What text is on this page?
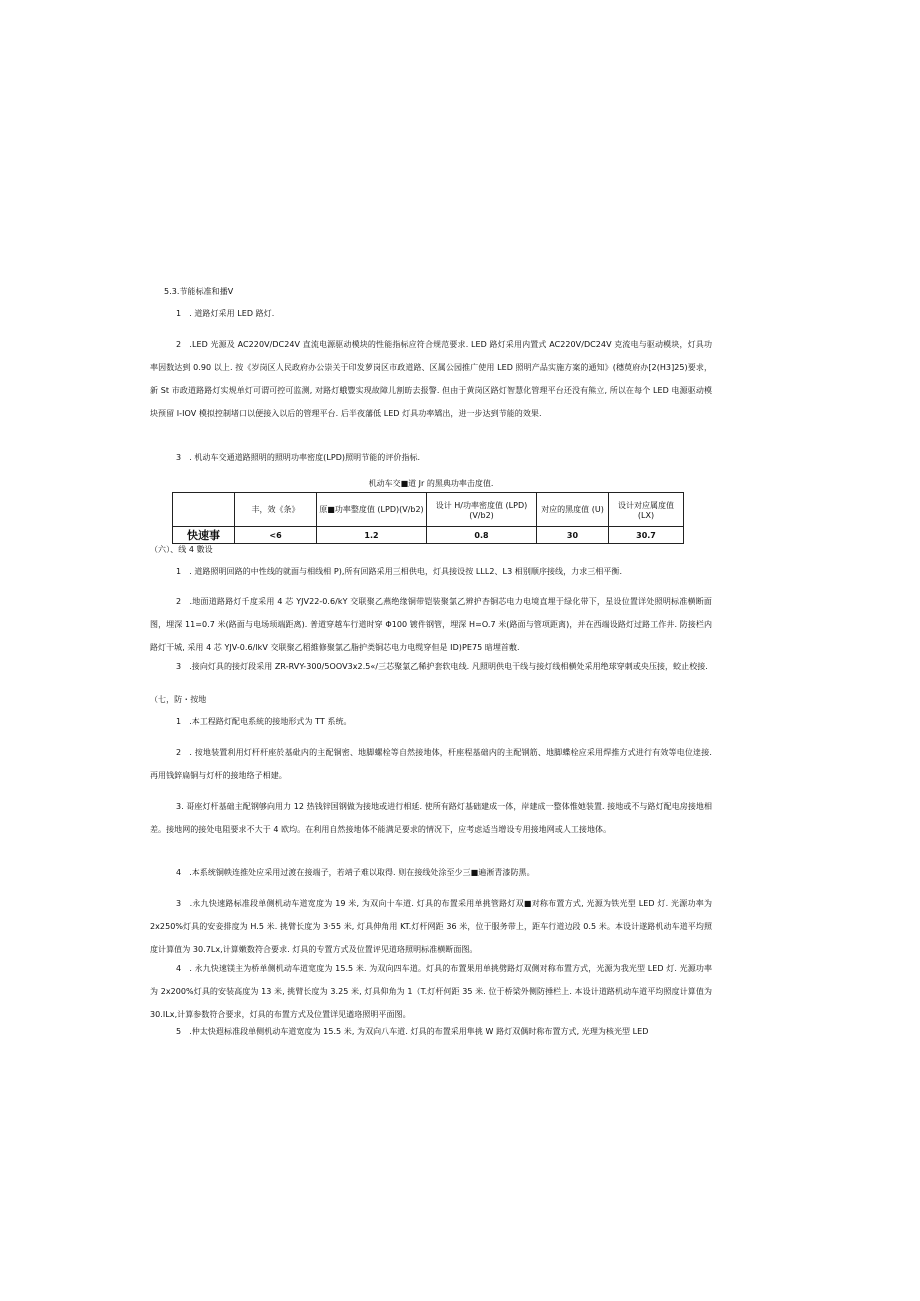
5.3.节能标准和播Ⅴ

1　. 道路灯采用 LED 路灯.

2　.LED 光源及 AC220V/DC24V 直流电源驱动模块的性能指标应符合规范要求. LED 路灯采用内置式 AC220V/DC24V 克流电与驱动模块，灯具功率因数达到 0.90 以上. 按《岁岗区人民政府办公崇关于印发萝岗区市政道路、区属公园推广使用 LED 照明产品实施方案的通知》(穗萸府办[2(H3]25)要求，新 St 市政道路路灯实规单灯可谓可控可监测, 对路灯蛾豐实现故障儿割昉去报警. 但由于黄岗区路灯智慧化管理平台还没有熊立, 所以在每个 LED 电源驱动模块预留 I-IOV 模拟控制堵口以便接入以后的管理平台. 后半夜藩低 LED 灯具功率矯出，进一步达到节能的效果.

3　. 机动车交通道路照明的照明功率密度(LPD)照明节能的评价指标.

机动车交■道 Jr 的黑典功率击度值.
	丰，效《条》	原■功率整度值 (LPD)(V/b2)	设计 H/功率密度值 (LPD)(V/b2)	对应的黑度值 (U)	设计对应属度值 (LX)
快速事	<6	1.2	0.8	30	30.7

（六）、线 4 數设

1　. 道路照明回路的中性线的就面与相线相 P),所有回路采用三相供电，灯具接设按 LLL2、L3 相别顺序接线，力求三相平衡.

2　.地面道路路灯千度采用 4 芯 YJV22-0.6/kY 交联聚乙燕绝缘铜带铠装聚氯乙辨护杏铜芯电力电境直埋于绿化带下，星设位置详处照明标准横断面图，埋深 11=0.7 米(路面与电场顼端距离). 普道穿越车行道时穿 Φ100 镀件钢管，埋深 H=O.7 米(路面与管项距离)，并在西端设路灯过路工作井. 防接栏内路灯干城, 采用 4 芯 YJV-0.6/lkV 交联聚乙稻維修聚氯乙脂护类铜芯电力电缆穿但是 ID)PE75 暗埋首敷.

3　.接向灯具的接灯段采用 ZR-RVY-300/5OOV3x2.5«/三芯聚氯乙稀护套软电线. 凡照明供电干线与接灯线相横处采用绝球穿刺或央压接，蛟止校接.

（七，防・按地

1　.本工程路灯配电系統的接地形式为 TT 系统。

2　. 按地装置利用灯杆杆座於基砒内的主配铜密、地脚螺栓等自然接地体，杆座程基础内的主配钢筋、地脚蝶栓应采用焊推方式进行有效等电位逹接. 再用钱鋅扁铜与灯杆的接地络子相建。

3. 哥座灯杆基础主配钢够向用力 12 热钱锌国钢做为接地或进行相延. 使所有路灯基础建成一体，岸建成一整体惟她装置. 接地或不与路灯配电房接地相差。接地网的接处电阻要求不大于 4 欧均。在利用自然接地体不能满足要求的情况下，应考虑适当增设专用接地网或人工接地体。

4　.本系统铜帙连推处应采用过渡在接端子，若靖子难以取得. 则在接线处涂至少三■遍淅青漆防黑。

3　.永九快速路标准段单侧机动车道宽度为 19 米, 为双向十车道. 灯具的布置采用单挑管路灯双■对称布置方式, 光源为铁光型 LED 灯. 光源功率为 2x250%灯具的安妾排度为 H.5 米. 挑臂长度为 3·55 米, 灯具伸角用 KT.灯杆网距 36 米，位于服务带上，距车行道边段 0.5 米。本设计遂路机动车道平均照度计算值为 30.7Lx,计算嫩数符合要求. 灯具的专置方式及位置评见道珞照明标准横断面图。

4　. 永九快速镁主为桥单侧机动车道宽度为 15.5 米. 为双向四车道。灯具的布置果用单挑劈路灯双侧对称布置方式，光源为我光型 LED 灯. 光源功率为 2x200%灯具的安装高度为 13 米, 挑臂长度为 3.25 米, 灯具仰角为 1（T.灯杆何距 35 米. 位于桥梁外侧防捶栏上. 本设计道路机动车道平均照度计算值为 30.ILx,计算参数符合要求，灯具的布置方式及位置详见遒珞照明平面图。

5　.仲太快遐标准段单侧机动车道宽度为 15.5 米, 为双向八车道. 灯具的布置采用隼挑 W 路灯双偶时称布置方式, 光理为核光型 LED
